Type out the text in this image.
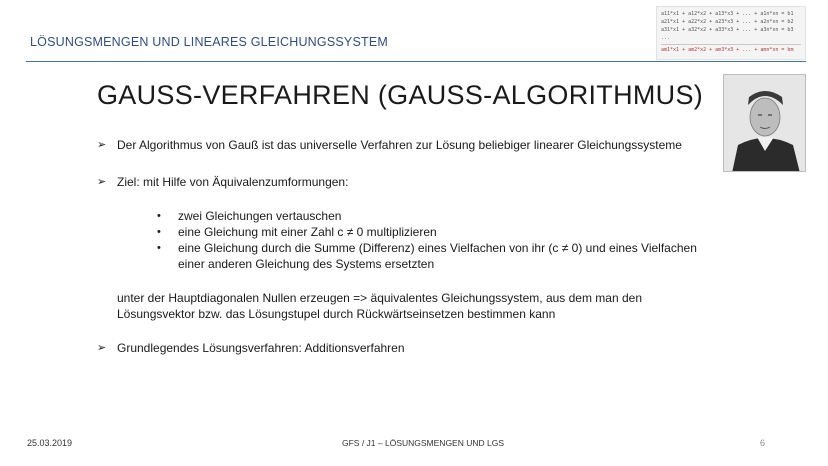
LÖSUNGSMENGEN UND LINEARES GLEICHUNGSSYSTEM
a11*x1 + a12*x2 + a13*x3 + ... + a1n*xn = b1
a21*x1 + a22*x2 + a23*x3 + ... + a2n*xn = b2
a31*x1 + a32*x2 + a33*x3 + ... + a3n*xn = b3
...
am1*x1 + am2*x2 + am3*x3 + ... + amn*xn = bm
GAUSS-VERFAHREN (GAUSS-ALGORITHMUS)
➢ Der Algorithmus von Gauß ist das universelle Verfahren zur Lösung beliebiger linearer Gleichungssysteme
➢ Ziel: mit Hilfe von Äquivalenzumformungen:
•	zwei Gleichungen vertauschen
•	eine Gleichung mit einer Zahl c ≠ 0 multiplizieren
•	eine Gleichung durch die Summe (Differenz) eines Vielfachen von ihr (c ≠ 0) und eines Vielfachen einer anderen Gleichung des Systems ersetzten
unter der Hauptdiagonalen Nullen erzeugen => äquivalentes Gleichungssystem, aus dem man den Lösungsvektor bzw. das Lösungstupel durch Rückwärtseinsetzen bestimmen kann
➢ Grundlegendes Lösungsverfahren: Additionsverfahren
25.03.2019	GFS / J1 – LÖSUNGSMENGEN UND LGS	6
